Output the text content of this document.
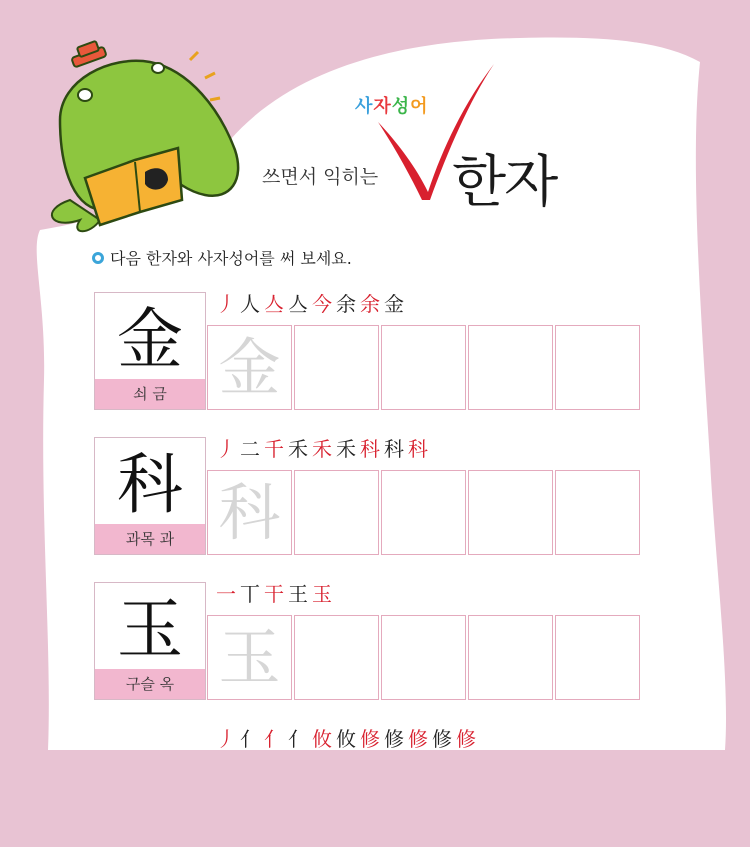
사자성어
쓰면서 익히는 한자
다음 한자와 사자성어를 써 보세요.
丿 人 亼 亼 今 余 余 金
金
쇠 금 金
丿 二 千 禾 禾 禾 科 科 科
科
과목 과 科
一 丅 干 王 玉
玉
구슬 옥 玉
丿 亻 亻 亻 攸 攸 修 修 修 修 修
